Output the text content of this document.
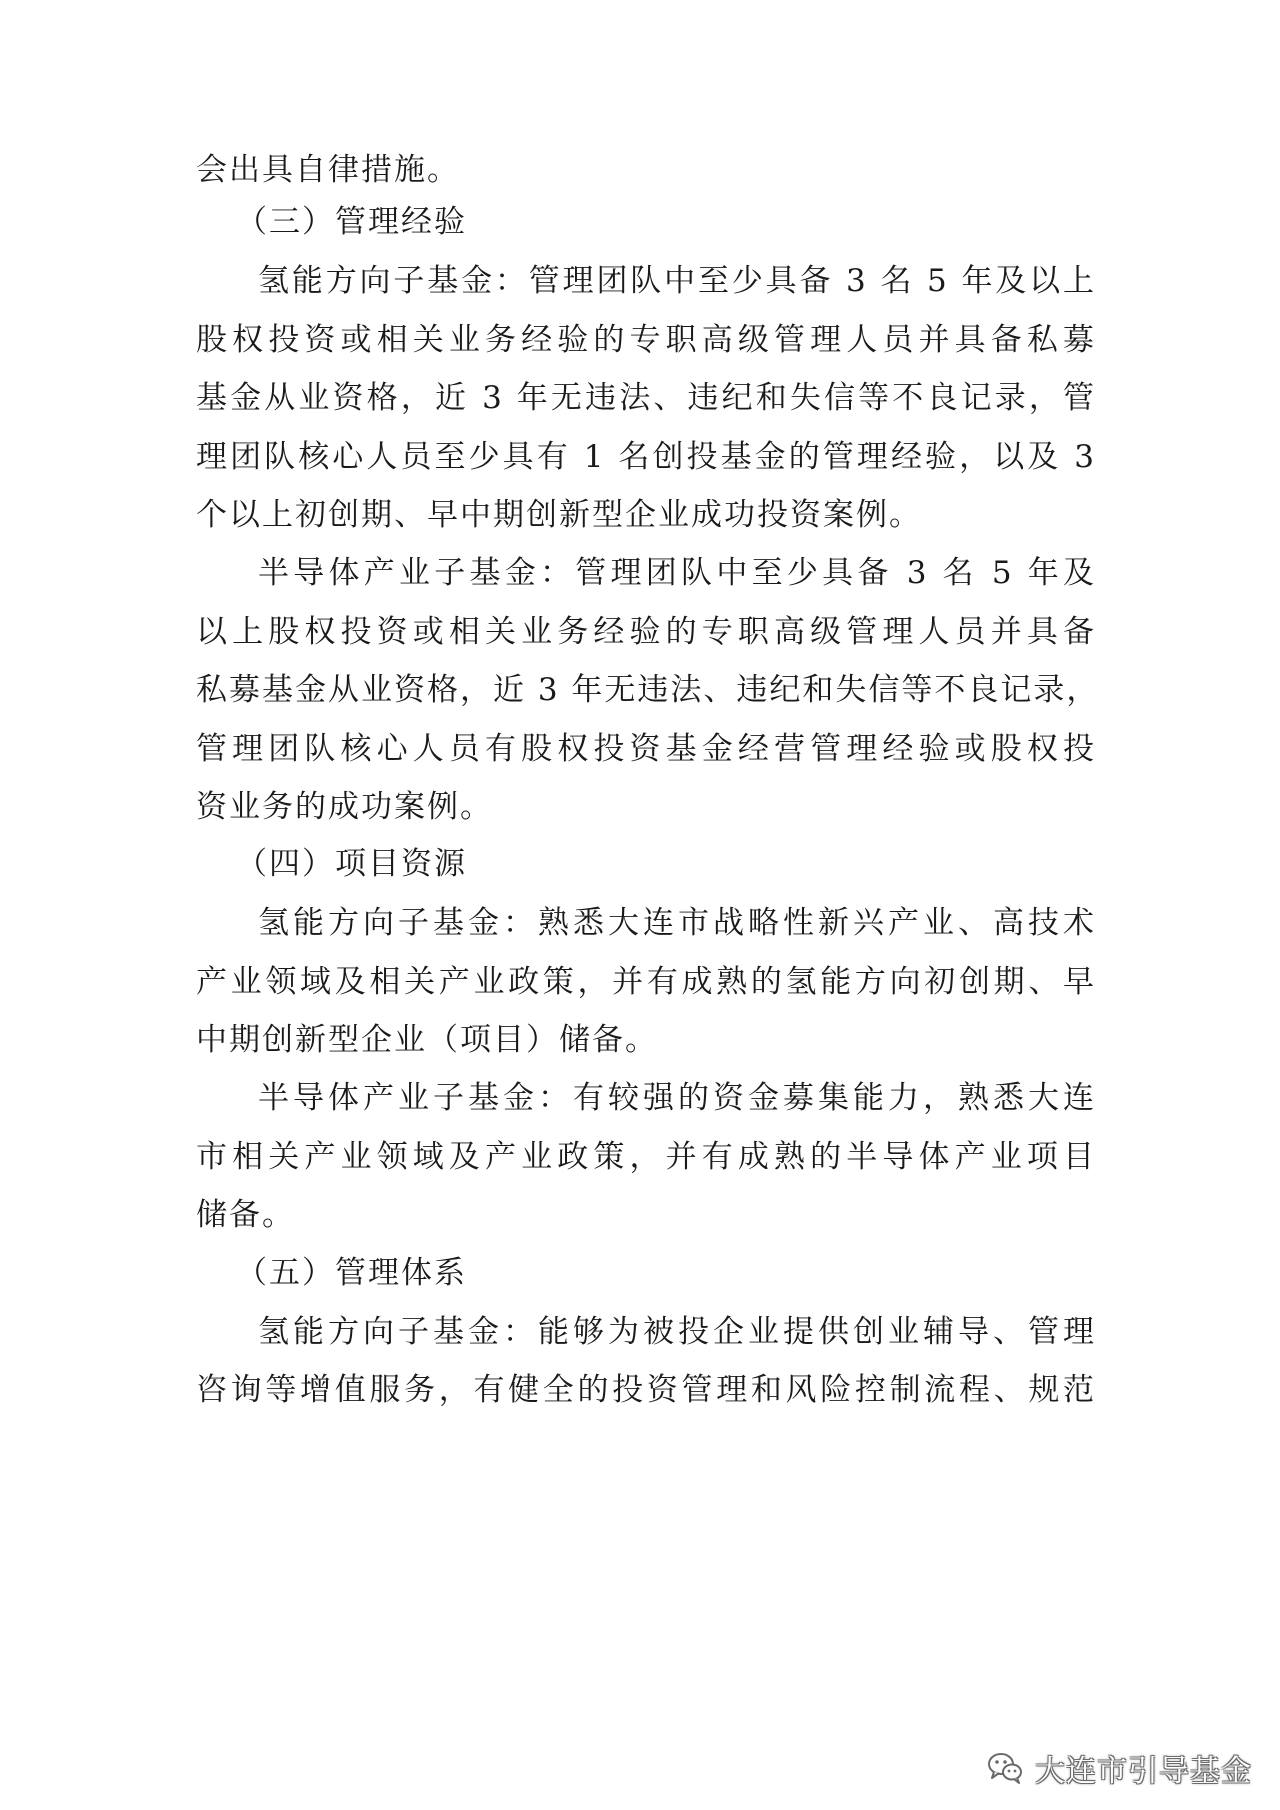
会出具自律措施。
（三）管理经验
氢能方向子基金：管理团队中至少具备 3 名 5 年及以上
股权投资或相关业务经验的专职高级管理人员并具备私募
基金从业资格，近 3 年无违法、违纪和失信等不良记录，管
理团队核心人员至少具有 1 名创投基金的管理经验，以及 3
个以上初创期、早中期创新型企业成功投资案例。
半导体产业子基金：管理团队中至少具备 3 名 5 年及
以上股权投资或相关业务经验的专职高级管理人员并具备
私募基金从业资格，近 3 年无违法、违纪和失信等不良记录，
管理团队核心人员有股权投资基金经营管理经验或股权投
资业务的成功案例。
（四）项目资源
氢能方向子基金：熟悉大连市战略性新兴产业、高技术
产业领域及相关产业政策，并有成熟的氢能方向初创期、早
中期创新型企业（项目）储备。
半导体产业子基金：有较强的资金募集能力，熟悉大连
市相关产业领域及产业政策，并有成熟的半导体产业项目
储备。
（五）管理体系
氢能方向子基金：能够为被投企业提供创业辅导、管理
咨询等增值服务，有健全的投资管理和风险控制流程、规范
大连市引导基金
